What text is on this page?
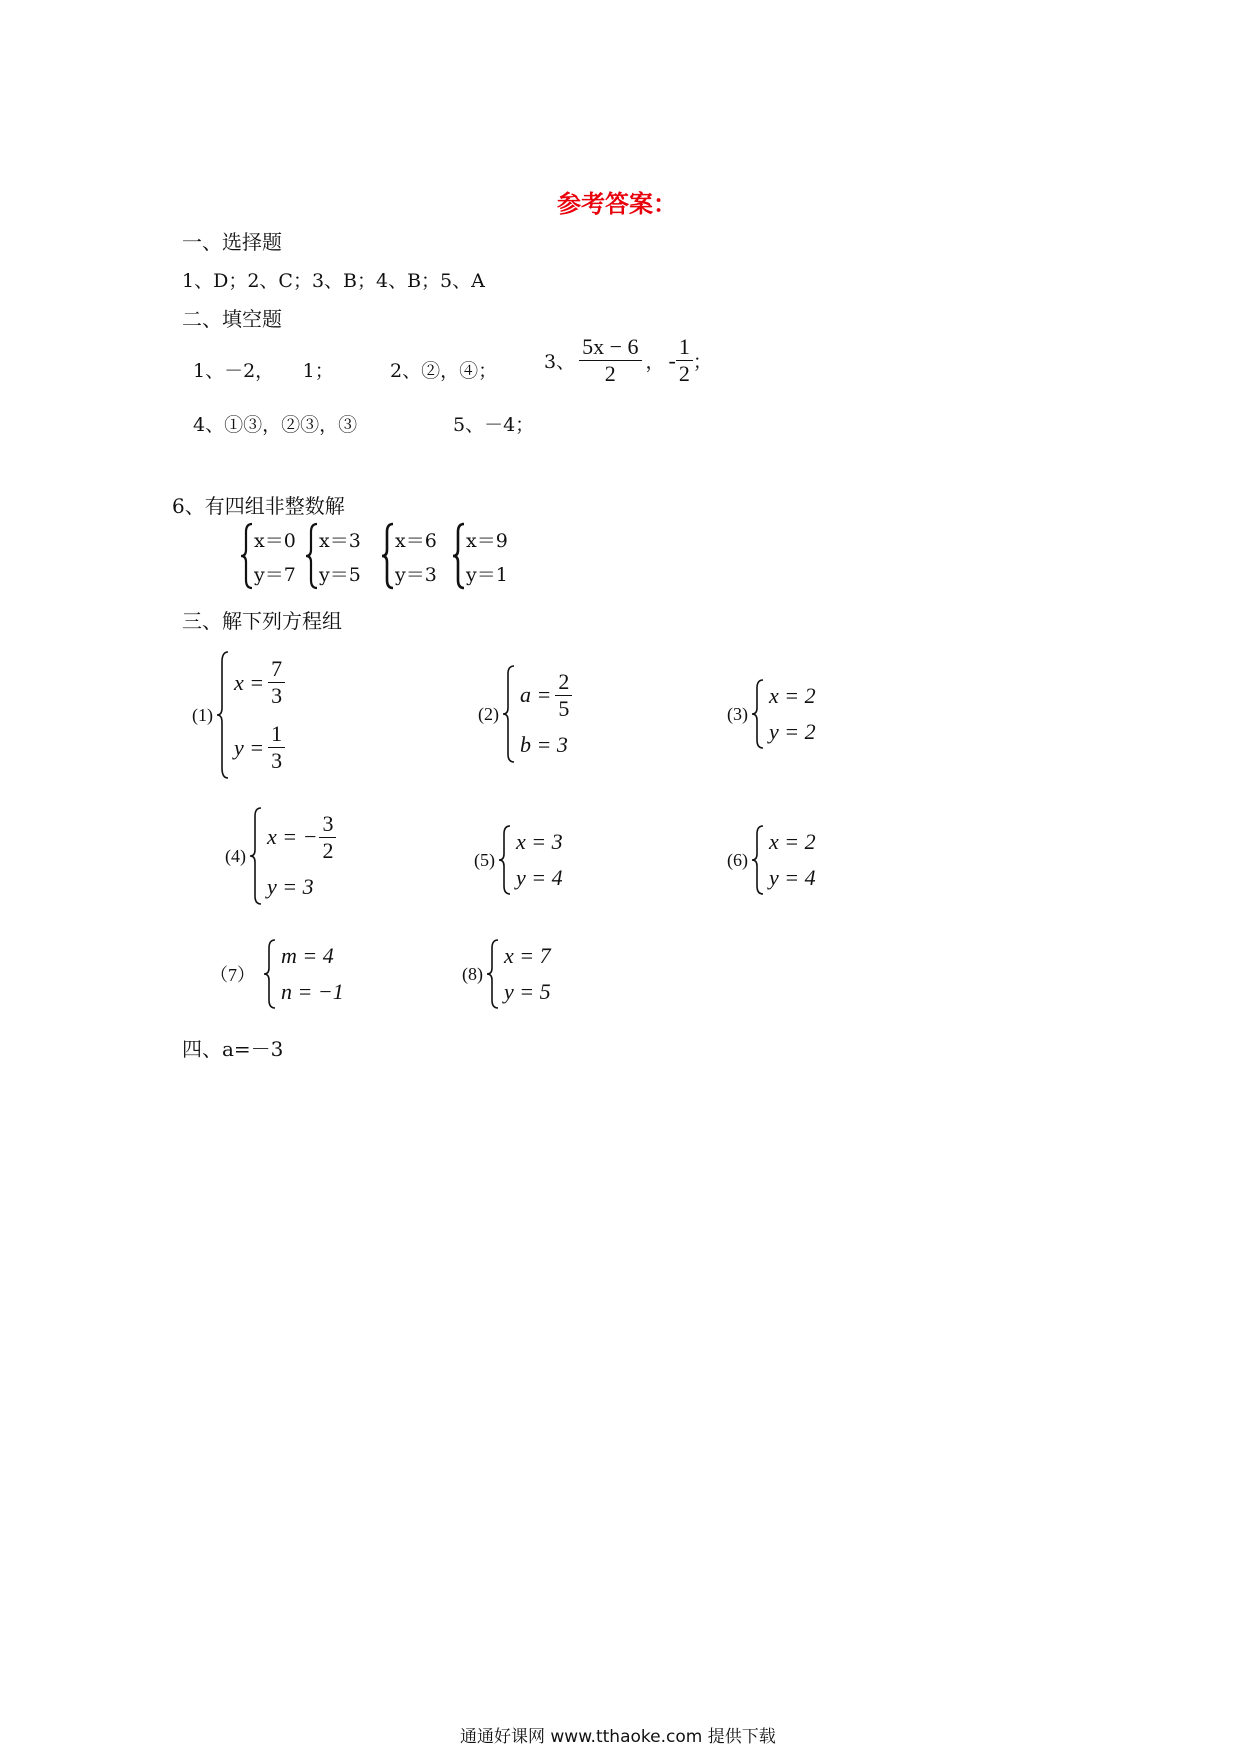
参考答案：
一、选择题
1、D；2、C；3、B；4、B；5、A
二、填空题
1、－2，　　1；	2、②，④； 3、 $\frac{5x - 6}{2}$ ， - $\frac{1}{2}$ ；
4、①③，②③，③	5、－4；
6、有四组非整数解
x＝0
y＝7
x＝3
y＝5
x＝6
y＝3
x＝9
y＝1
三、解下列方程组
(1)
$x = \frac{7}{3}$
$y = \frac{1}{3}$
(2)
$a = \frac{2}{5}$
b = 3
(3)
x = 2
y = 2
(4)
x = − $\frac{3}{2}$
y = 3
(5)
x = 3
y = 4
(6)
x = 2
y = 4
（7）
m = 4
n = −1
(8)
x = 7
y = 5
四、a=－3
通通好课网 www.tthaoke.com 提供下载
